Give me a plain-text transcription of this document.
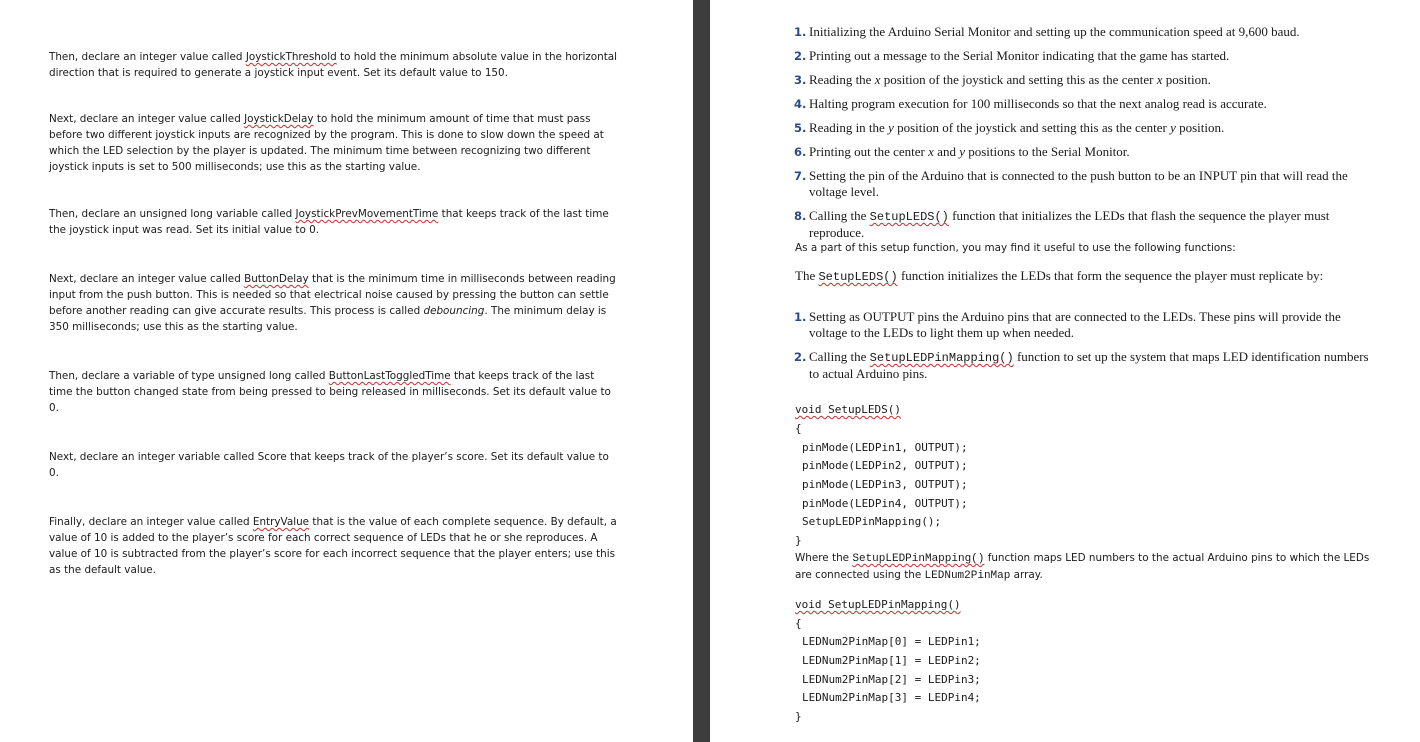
Then, declare an integer value called JoystickThreshold to hold the minimum absolute value in the horizontal direction that is required to generate a joystick input event. Set its default value to 150.

Next, declare an integer value called JoystickDelay to hold the minimum amount of time that must pass before two different joystick inputs are recognized by the program. This is done to slow down the speed at which the LED selection by the player is updated. The minimum time between recognizing two different joystick inputs is set to 500 milliseconds; use this as the starting value.

Then, declare an unsigned long variable called JoystickPrevMovementTime that keeps track of the last time the joystick input was read. Set its initial value to 0.

Next, declare an integer value called ButtonDelay that is the minimum time in milliseconds between reading input from the push button. This is needed so that electrical noise caused by pressing the button can settle before another reading can give accurate results. This process is called debouncing. The minimum delay is 350 milliseconds; use this as the starting value.

Then, declare a variable of type unsigned long called ButtonLastToggledTime that keeps track of the last time the button changed state from being pressed to being released in milliseconds. Set its default value to 0.

Next, declare an integer variable called Score that keeps track of the player’s score. Set its default value to 0.

Finally, declare an integer value called EntryValue that is the value of each complete sequence. By default, a value of 10 is added to the player’s score for each correct sequence of LEDs that he or she reproduces. A value of 10 is subtracted from the player’s score for each incorrect sequence that the player enters; use this as the default value.

1. Initializing the Arduino Serial Monitor and setting up the communication speed at 9,600 baud.

2. Printing out a message to the Serial Monitor indicating that the game has started.

3. Reading the x position of the joystick and setting this as the center x position.

4. Halting program execution for 100 milliseconds so that the next analog read is accurate.

5. Reading in the y position of the joystick and setting this as the center y position.

6. Printing out the center x and y positions to the Serial Monitor.

7. Setting the pin of the Arduino that is connected to the push button to be an INPUT pin that will read the voltage level.

8. Calling the SetupLEDS() function that initializes the LEDs that flash the sequence the player must reproduce.

As a part of this setup function, you may find it useful to use the following functions:

The SetupLEDS() function initializes the LEDs that form the sequence the player must replicate by:

1. Setting as OUTPUT pins the Arduino pins that are connected to the LEDs. These pins will provide the voltage to the LEDs to light them up when needed.

2. Calling the SetupLEDPinMapping() function to set up the system that maps LED identification numbers to actual Arduino pins.

void SetupLEDS()

{

pinMode(LEDPin1, OUTPUT);

pinMode(LEDPin2, OUTPUT);

pinMode(LEDPin3, OUTPUT);

pinMode(LEDPin4, OUTPUT);

SetupLEDPinMapping();

}

Where the SetupLEDPinMapping() function maps LED numbers to the actual Arduino pins to which the LEDs are connected using the LEDNum2PinMap array.

void SetupLEDPinMapping()

{

LEDNum2PinMap[0] = LEDPin1;

LEDNum2PinMap[1] = LEDPin2;

LEDNum2PinMap[2] = LEDPin3;

LEDNum2PinMap[3] = LEDPin4;

}
